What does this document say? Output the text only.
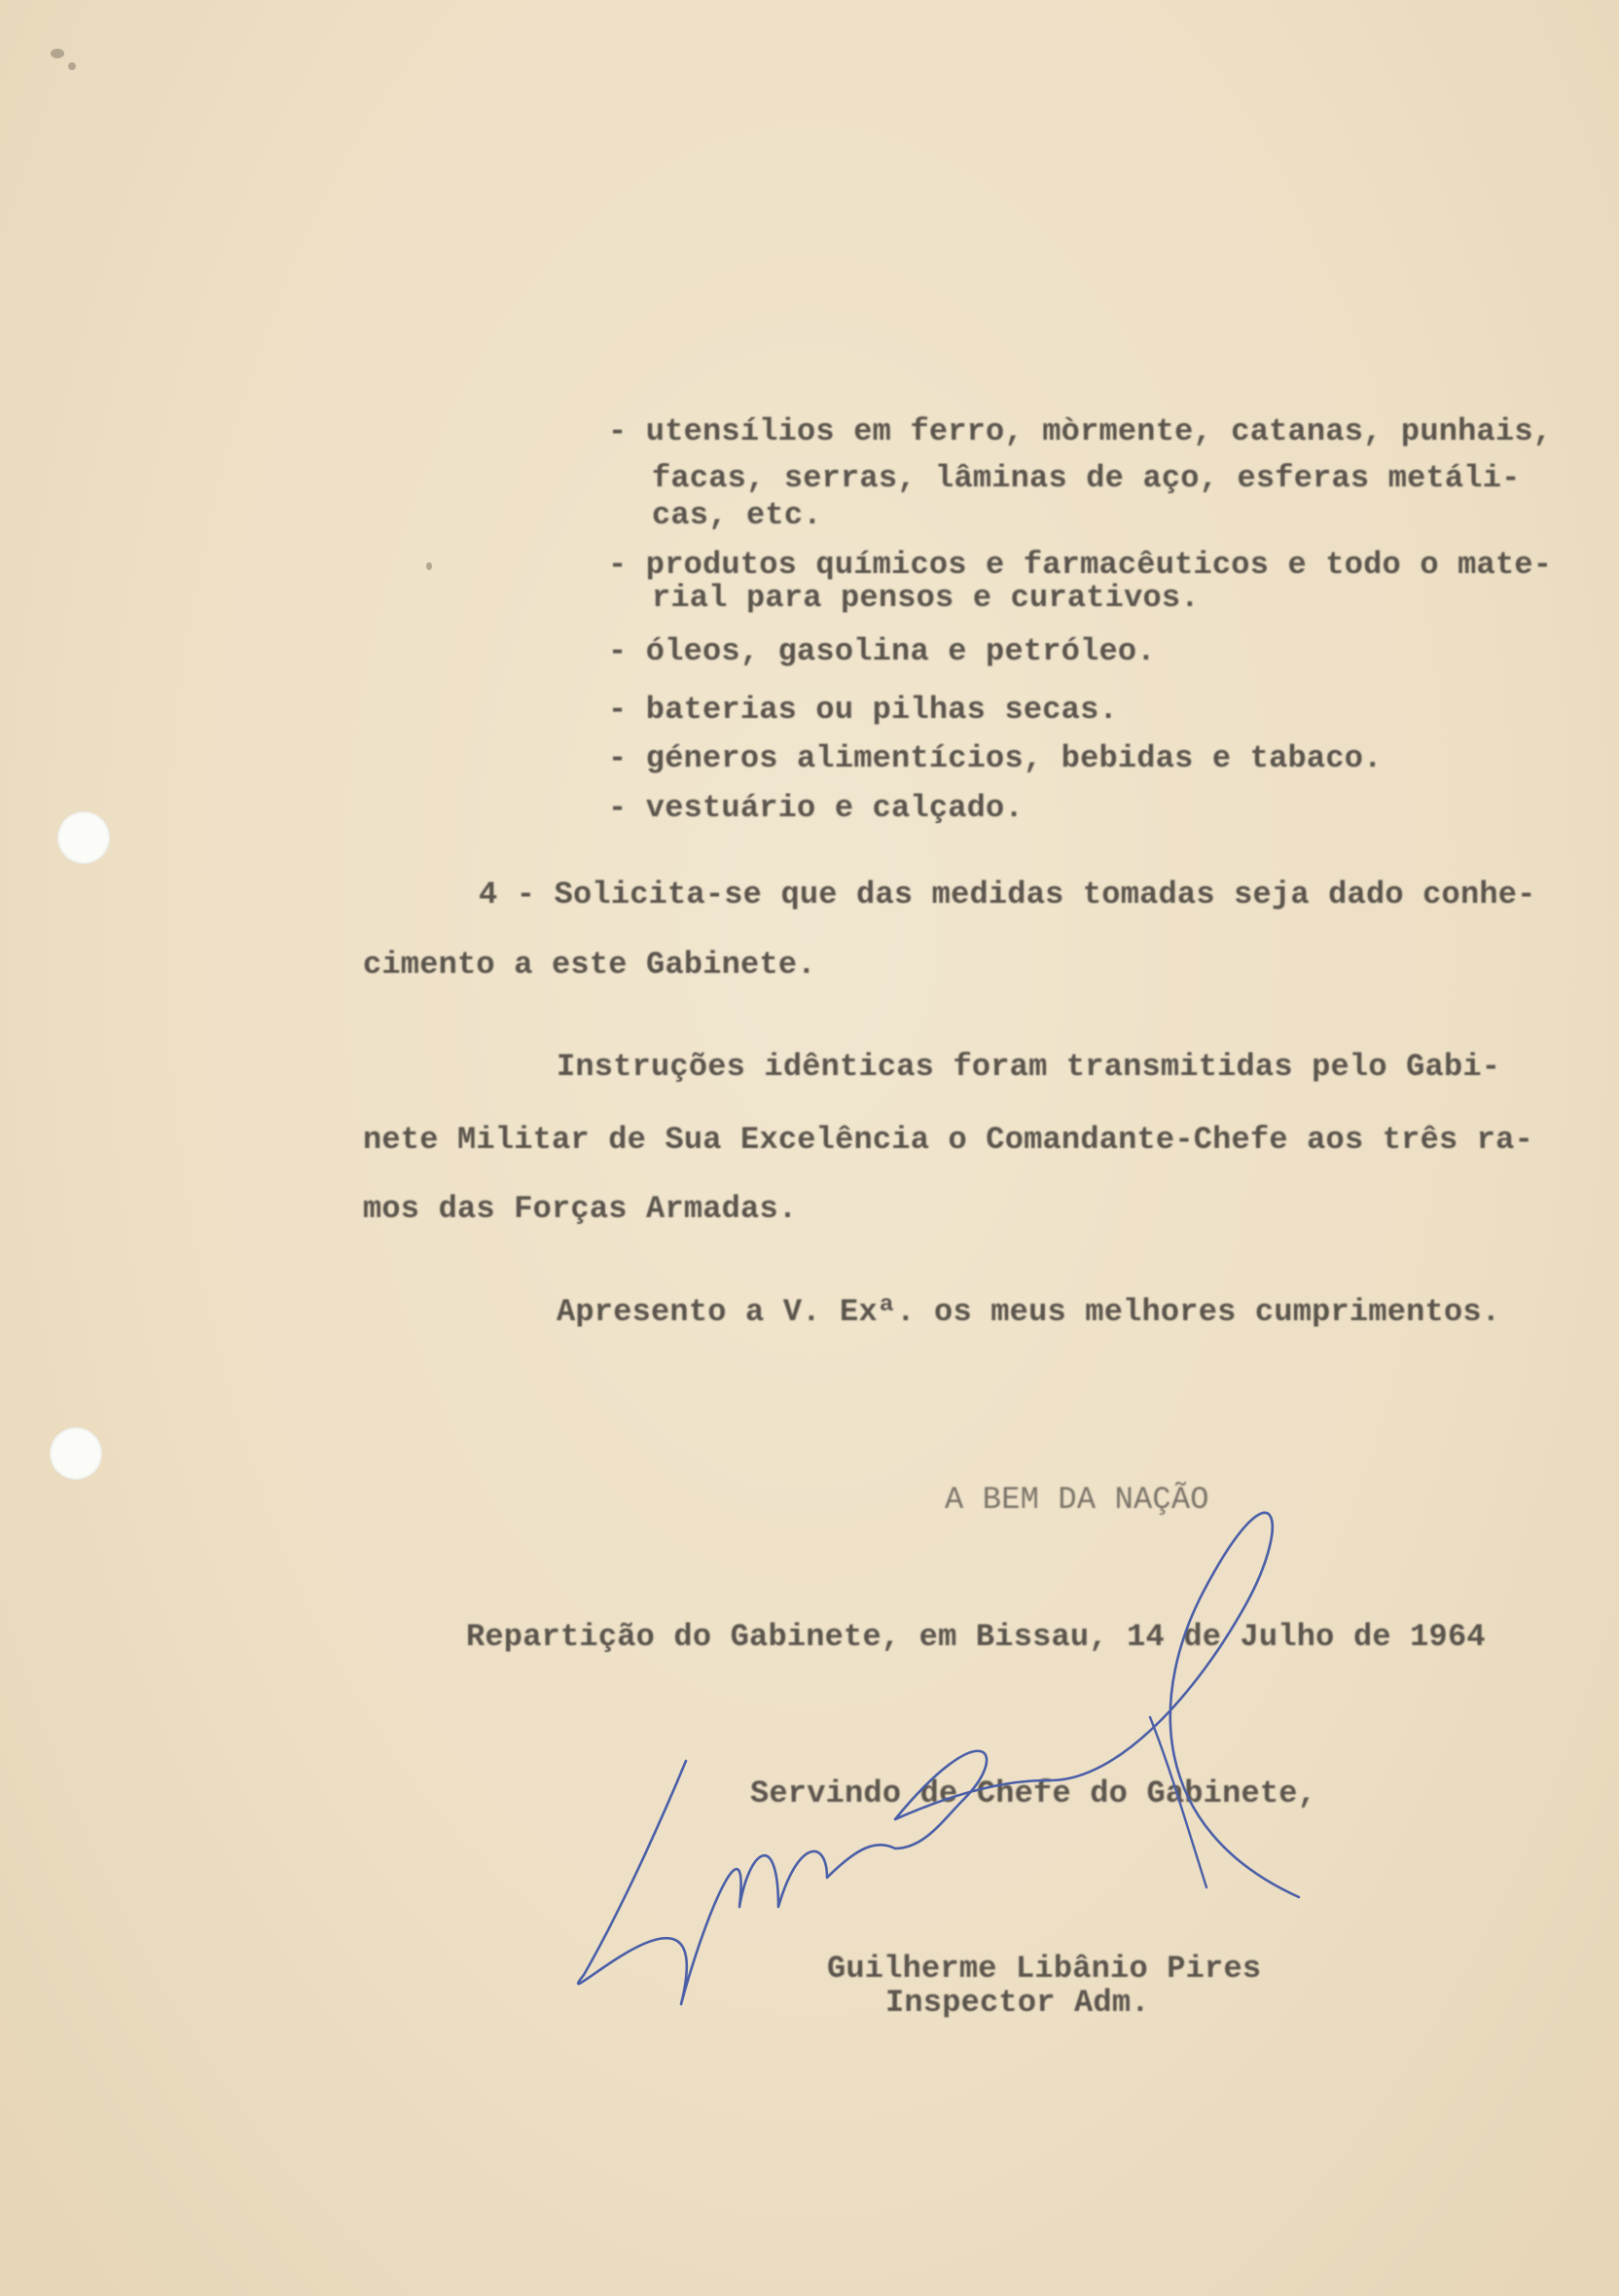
- utensílios em ferro, mòrmente, catanas, punhais,
facas, serras, lâminas de aço, esferas metáli-
cas, etc.
- produtos químicos e farmacêuticos e todo o mate-
rial para pensos e curativos.
- óleos, gasolina e petróleo.
- baterias ou pilhas secas.
- géneros alimentícios, bebidas e tabaco.
- vestuário e calçado.
4 - Solicita-se que das medidas tomadas seja dado conhe-
cimento a este Gabinete.
Instruções idênticas foram transmitidas pelo Gabi-
nete Militar de Sua Excelência o Comandante-Chefe aos três ra-
mos das Forças Armadas.
Apresento a V. Exª. os meus melhores cumprimentos.
A BEM DA NAÇÃO
Repartição do Gabinete, em Bissau, 14 de Julho de 1964
Servindo de Chefe do Gabinete,
Guilherme Libânio Pires
Inspector Adm.
